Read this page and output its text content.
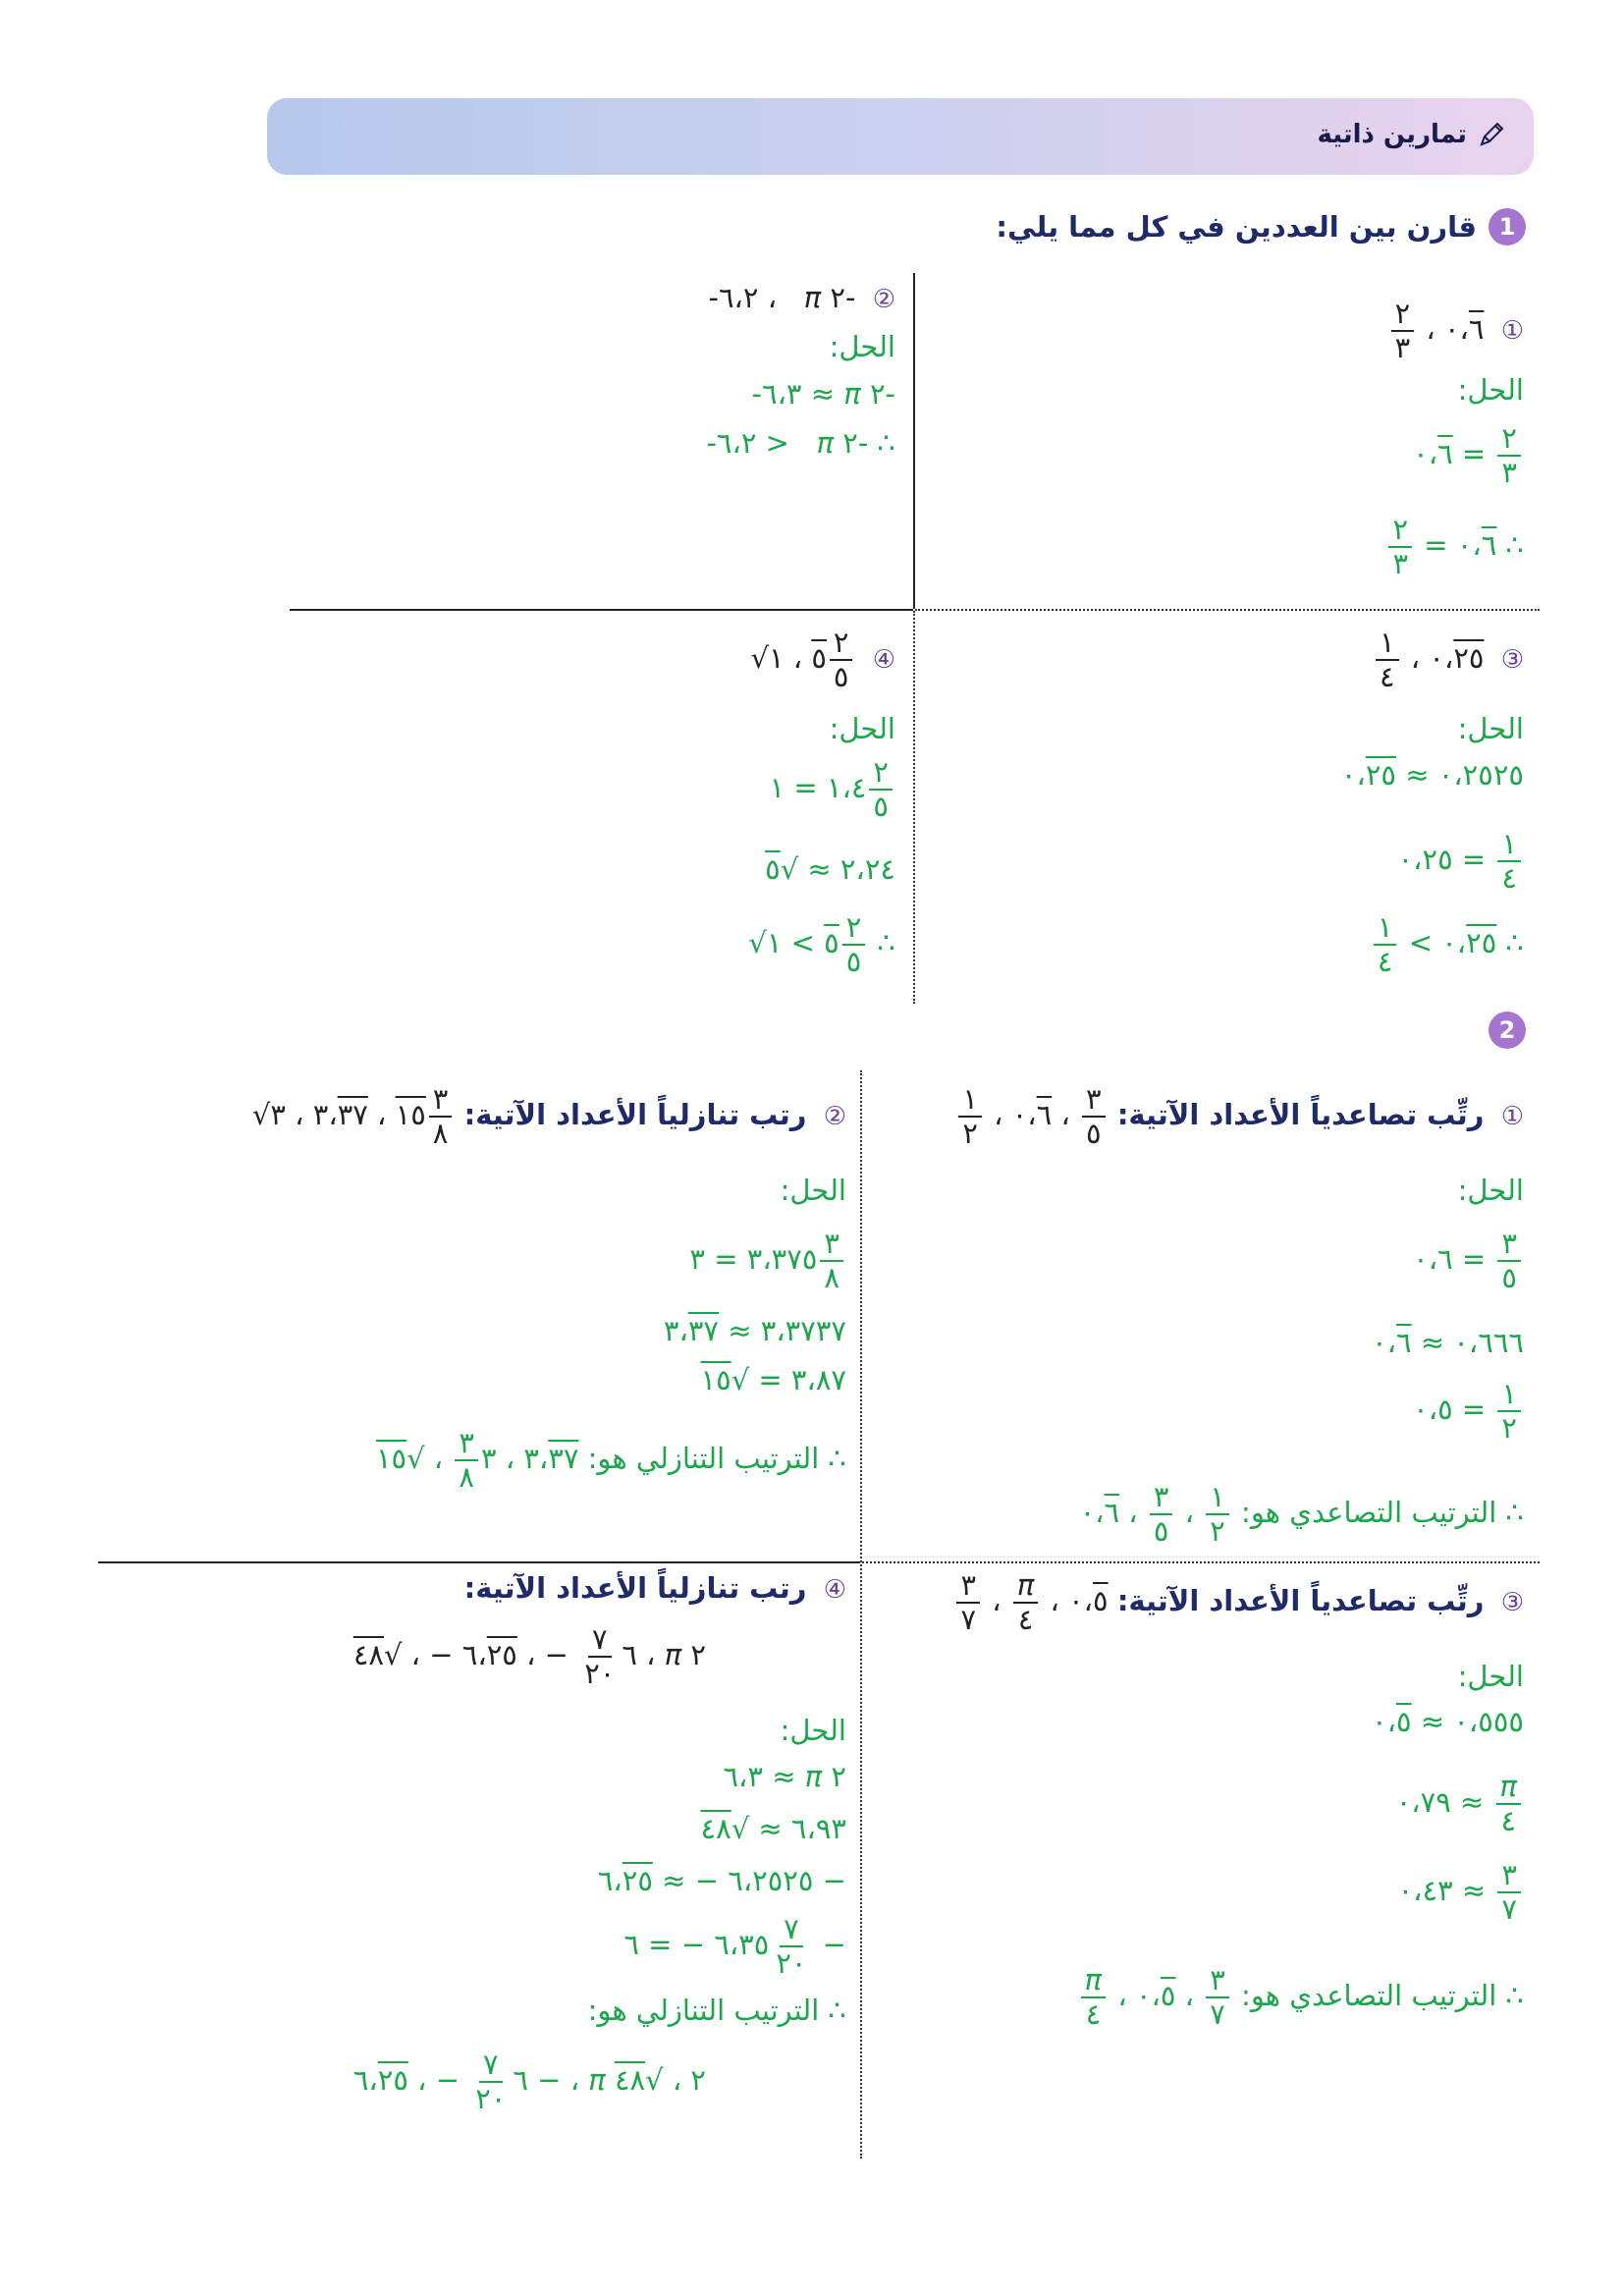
تمارين ذاتية
1
قارن بين العددين في كل مما يلي:
①
$\frac{٢}{٣}$ ، ٠،٦
الحل:
٠،٦ = $\frac{٢}{٣}$
$\frac{٢}{٣}$ = ٠،٦ ∴
② -٦،٢ ،   π ٢-
الحل:
-٦،٣ ≈ π ٢-
-٦،٢ >   π ٢- ∴
③
$\frac{١}{٤}$ ، ٠،٢٥
الحل:
٠،٢٥٢٥ ≈ ٠،٢٥
٠،٢٥ = $\frac{١}{٤}$
$\frac{١}{٤}$ < ٠،٢٥ ∴
④ √ ٥ ، ١ $\frac{٢}{٥}$
الحل:
١،٤ = ١ $\frac{٢}{٥}$
٢،٢٤ ≈ √٥
√ ٥ > ١ $\frac{٢}{٥}$ ∴
2
① رتِّب تصاعدياً الأعداد الآتية:
$\frac{١}{٢}$ ، ٠،٦ ، $\frac{٣}{٥}$
الحل:
٠،٦ = $\frac{٣}{٥}$
٠،٦٦٦ ≈ ٠،٦
٠،٥ = $\frac{١}{٢}$
∴ الترتيب التصاعدي هو: ٠،٦ ، $\frac{٣}{٥}$ ، $\frac{١}{٢}$
② رتب تنازلياً الأعداد الآتية:  √	١٥ ، ٣،٣٧ ، ٣	$\frac{٣}{٨}$
الحل:
٣،٣٧٥ = ٣ $\frac{٣}{٨}$
٣،٣٧٣٧ ≈ ٣،٣٧
٣،٨٧ = √١٥
∴ الترتيب التنازلي هو: ٣،٣٧ ، ٣
$\frac{٣}{٨}$
، √١٥
③ رتِّب تصاعدياً الأعداد الآتية:
$\frac{٣}{٧}$ ، $\frac{\pi}{٤}$ ، ٠،٥
الحل:
٠،٥٥٥ ≈ ٠،٥
٠،٧٩ ≈ $\frac{\pi}{٤}$
٠،٤٣ ≈ $\frac{٣}{٧}$
∴ الترتيب التصاعدي هو:
$\frac{\pi}{٤}$ ، ٠،٥ ، $\frac{٣}{٧}$
④ رتب تنازلياً الأعداد الآتية:
٦
$\frac{٧}{٢٠}$
− ، ٦،٢٥ − ، √٤٨	، π ٢
الحل:
٦،٣ ≈ π ٢
٦،٩٣ ≈ √٤٨
٦،٢٥٢٥ − ≈ ٦،٢٥	−
٦،٣٥ − = ٦ $\frac{٧}{٢٠}$ −
∴ الترتيب التنازلي هو:
٦
$\frac{٧}{٢٠}$
− ، ٦،٢٥	− ، π ٢ ، √٤٨
